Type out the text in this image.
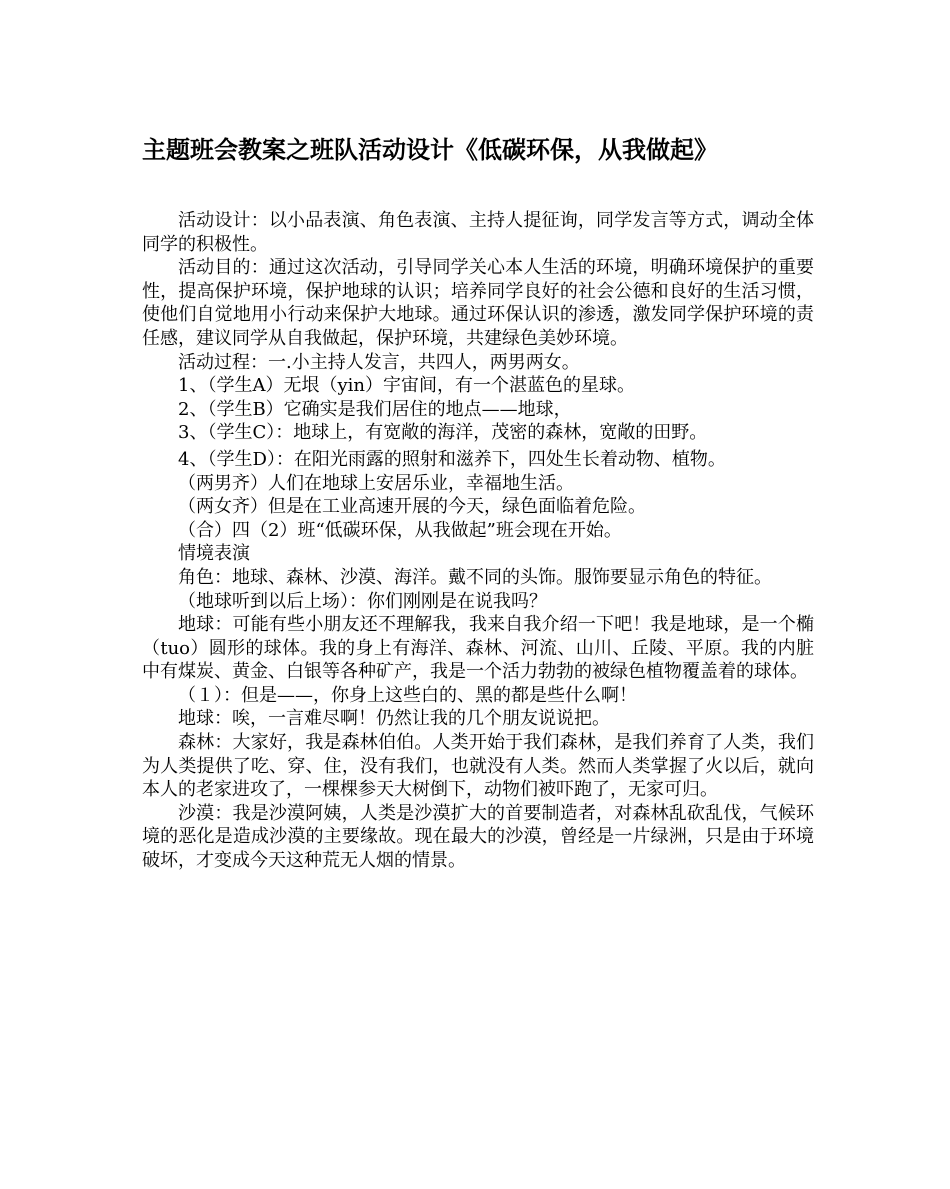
主题班会教案之班队活动设计《低碳环保，从我做起》

活动设计：以小品表演、角色表演、主持人提征询，同学发言等方式，调动全体同学的积极性。

活动目的：通过这次活动，引导同学关心本人生活的环境，明确环境保护的重要性，提高保护环境，保护地球的认识；培养同学良好的社会公德和良好的生活习惯，使他们自觉地用小行动来保护大地球。通过环保认识的渗透，激发同学保护环境的责任感，建议同学从自我做起，保护环境，共建绿色美妙环境。

活动过程：一.小主持人发言，共四人，两男两女。

1、（学生A）无垠（yin）宇宙间，有一个湛蓝色的星球。

2、（学生B）它确实是我们居住的地点——地球，

3、（学生C）：地球上，有宽敞的海洋，茂密的森林，宽敞的田野。

4、（学生D）：在阳光雨露的照射和滋养下，四处生长着动物、植物。

（两男齐）人们在地球上安居乐业，幸福地生活。

（两女齐）但是在工业高速开展的今天，绿色面临着危险。

（合）四（2）班“低碳环保，从我做起”班会现在开始。

情境表演

角色：地球、森林、沙漠、海洋。戴不同的头饰。服饰要显示角色的特征。

（地球听到以后上场）：你们刚刚是在说我吗？

地球：可能有些小朋友还不理解我，我来自我介绍一下吧！我是地球，是一个椭（tuo）圆形的球体。我的身上有海洋、森林、河流、山川、丘陵、平原。我的内脏中有煤炭、黄金、白银等各种矿产，我是一个活力勃勃的被绿色植物覆盖着的球体。

（１）：但是——，你身上这些白的、黑的都是些什么啊！

地球：唉，一言难尽啊！仍然让我的几个朋友说说把。

森林：大家好，我是森林伯伯。人类开始于我们森林，是我们养育了人类，我们为人类提供了吃、穿、住，没有我们，也就没有人类。然而人类掌握了火以后，就向本人的老家进攻了，一棵棵参天大树倒下，动物们被吓跑了，无家可归。

沙漠：我是沙漠阿姨，人类是沙漠扩大的首要制造者，对森林乱砍乱伐，气候环境的恶化是造成沙漠的主要缘故。现在最大的沙漠，曾经是一片绿洲，只是由于环境破坏，才变成今天这种荒无人烟的情景。
